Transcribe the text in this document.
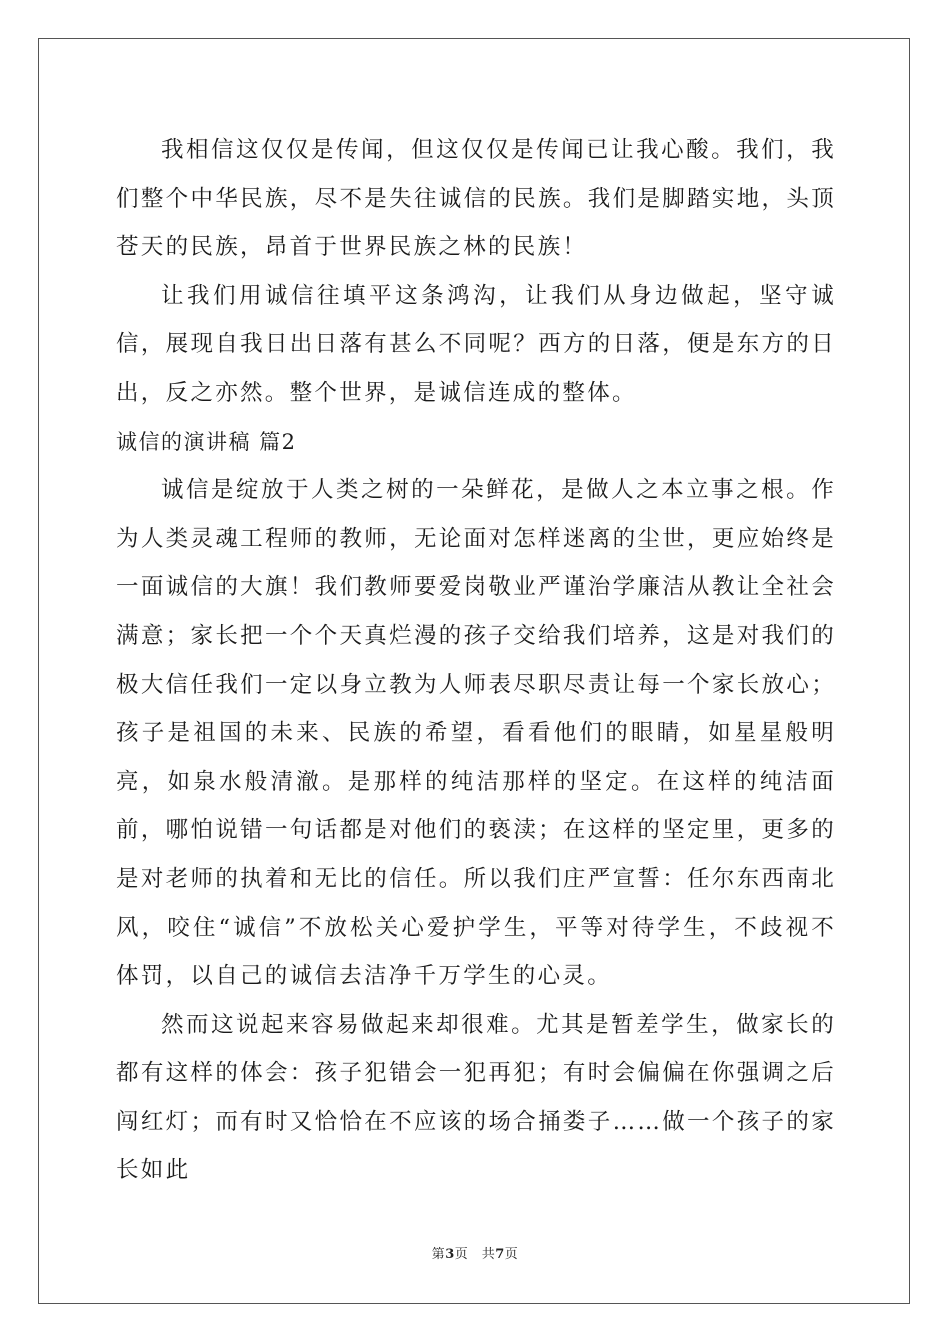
我相信这仅仅是传闻，但这仅仅是传闻已让我心酸。我们，我们整个中华民族，尽不是失往诚信的民族。我们是脚踏实地，头顶苍天的民族，昂首于世界民族之林的民族！

让我们用诚信往填平这条鸿沟，让我们从身边做起，坚守诚信，展现自我日出日落有甚么不同呢？西方的日落，便是东方的日出，反之亦然。整个世界，是诚信连成的整体。

诚信的演讲稿 篇2

诚信是绽放于人类之树的一朵鲜花，是做人之本立事之根。作为人类灵魂工程师的教师，无论面对怎样迷离的尘世，更应始终是一面诚信的大旗！我们教师要爱岗敬业严谨治学廉洁从教让全社会满意；家长把一个个天真烂漫的孩子交给我们培养，这是对我们的极大信任我们一定以身立教为人师表尽职尽责让每一个家长放心；孩子是祖国的未来、民族的希望，看看他们的眼睛，如星星般明亮，如泉水般清澈。是那样的纯洁那样的坚定。在这样的纯洁面前，哪怕说错一句话都是对他们的亵渎；在这样的坚定里，更多的是对老师的执着和无比的信任。所以我们庄严宣誓：任尔东西南北风，咬住“诚信”不放松关心爱护学生，平等对待学生，不歧视不体罚，以自己的诚信去洁净千万学生的心灵。

然而这说起来容易做起来却很难。尤其是暂差学生，做家长的都有这样的体会：孩子犯错会一犯再犯；有时会偏偏在你强调之后闯红灯；而有时又恰恰在不应该的场合捅娄子……做一个孩子的家长如此

第3页　共7页
